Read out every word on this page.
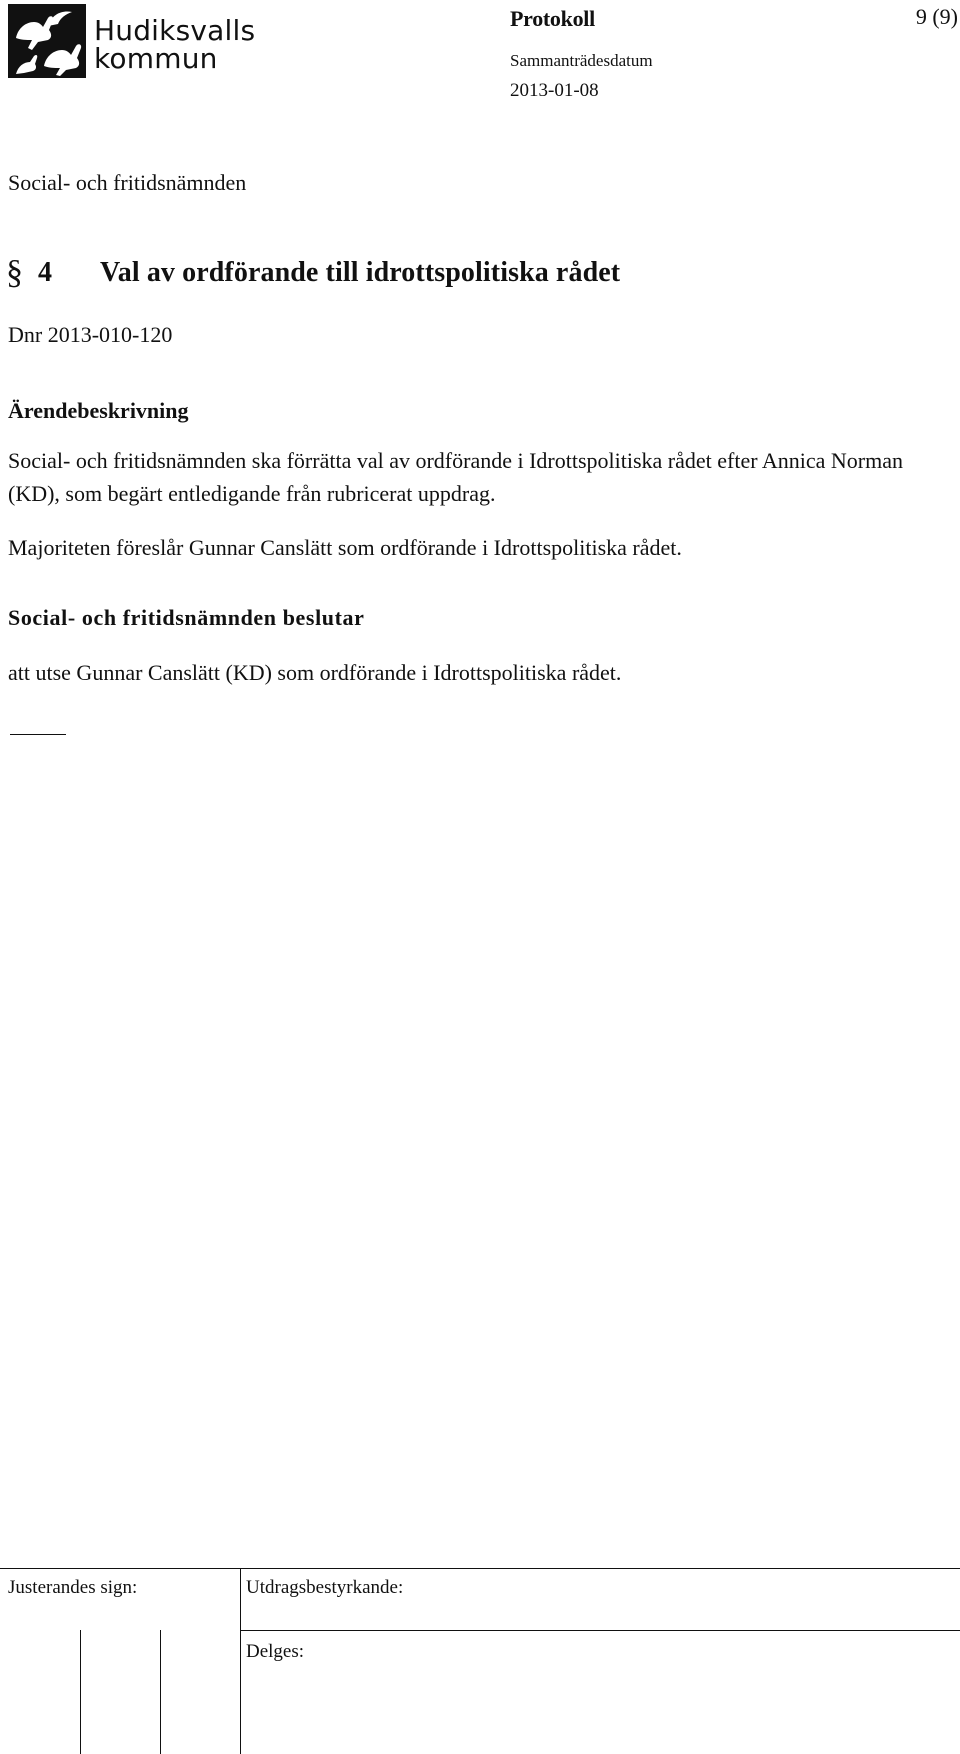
Hudiksvalls
kommun
Protokoll	9 (9)
Sammanträdesdatum
2013-01-08
Social- och fritidsnämnden
§ 4 Val av ordförande till idrottspolitiska rådet
Dnr 2013-010-120
Ärendebeskrivning
Social- och fritidsnämnden ska förrätta val av ordförande i Idrottspolitiska rådet efter Annica Norman (KD), som begärt entledigande från rubricerat uppdrag.
Majoriteten föreslår Gunnar Canslätt som ordförande i Idrottspolitiska rådet.
Social- och fritidsnämnden beslutar
att utse Gunnar Canslätt (KD) som ordförande i Idrottspolitiska rådet.
Justerandes sign:	Utdragsbestyrkande:
Delges:
